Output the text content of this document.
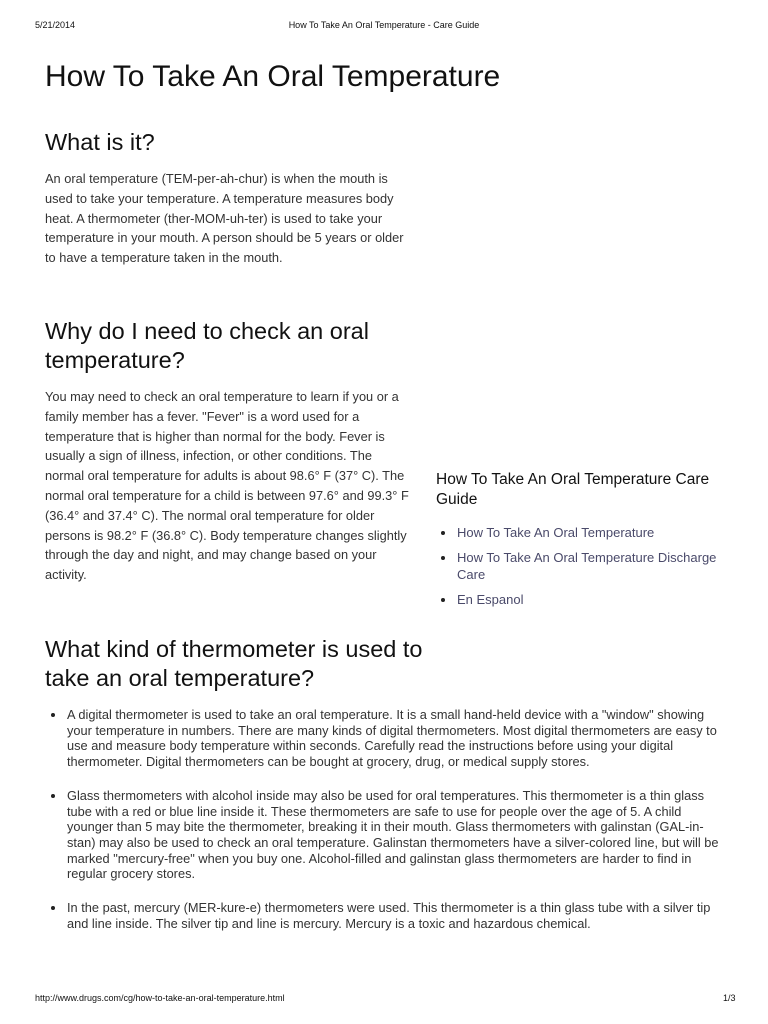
5/21/2014	How To Take An Oral Temperature - Care Guide
How To Take An Oral Temperature
What is it?

An oral temperature (TEM-per-ah-chur) is when the mouth is used to take your temperature. A temperature measures body heat. A thermometer (ther-MOM-uh-ter) is used to take your temperature in your mouth. A person should be 5 years or older to have a temperature taken in the mouth.

Why do I need to check an oral temperature?

You may need to check an oral temperature to learn if you or a family member has a fever. "Fever" is a word used for a temperature that is higher than normal for the body. Fever is usually a sign of illness, infection, or other conditions. The normal oral temperature for adults is about 98.6° F (37° C). The normal oral temperature for a child is between 97.6° and 99.3° F (36.4° and 37.4° C). The normal oral temperature for older persons is 98.2° F (36.8° C). Body temperature changes slightly through the day and night, and may change based on your activity.

What kind of thermometer is used to take an oral temperature?
How To Take An Oral Temperature Care Guide
How To Take An Oral Temperature
How To Take An Oral Temperature Discharge Care
En Espanol
A digital thermometer is used to take an oral temperature. It is a small hand-held device with a "window" showing your temperature in numbers. There are many kinds of digital thermometers. Most digital thermometers are easy to use and measure body temperature within seconds. Carefully read the instructions before using your digital thermometer. Digital thermometers can be bought at grocery, drug, or medical supply stores.
Glass thermometers with alcohol inside may also be used for oral temperatures. This thermometer is a thin glass tube with a red or blue line inside it. These thermometers are safe to use for people over the age of 5. A child younger than 5 may bite the thermometer, breaking it in their mouth. Glass thermometers with galinstan (GAL-in-stan) may also be used to check an oral temperature. Galinstan thermometers have a silver-colored line, but will be marked "mercury-free" when you buy one. Alcohol-filled and galinstan glass thermometers are harder to find in regular grocery stores.
In the past, mercury (MER-kure-e) thermometers were used. This thermometer is a thin glass tube with a silver tip and line inside. The silver tip and line is mercury. Mercury is a toxic and hazardous chemical.
http://www.drugs.com/cg/how-to-take-an-oral-temperature.html	1/3
